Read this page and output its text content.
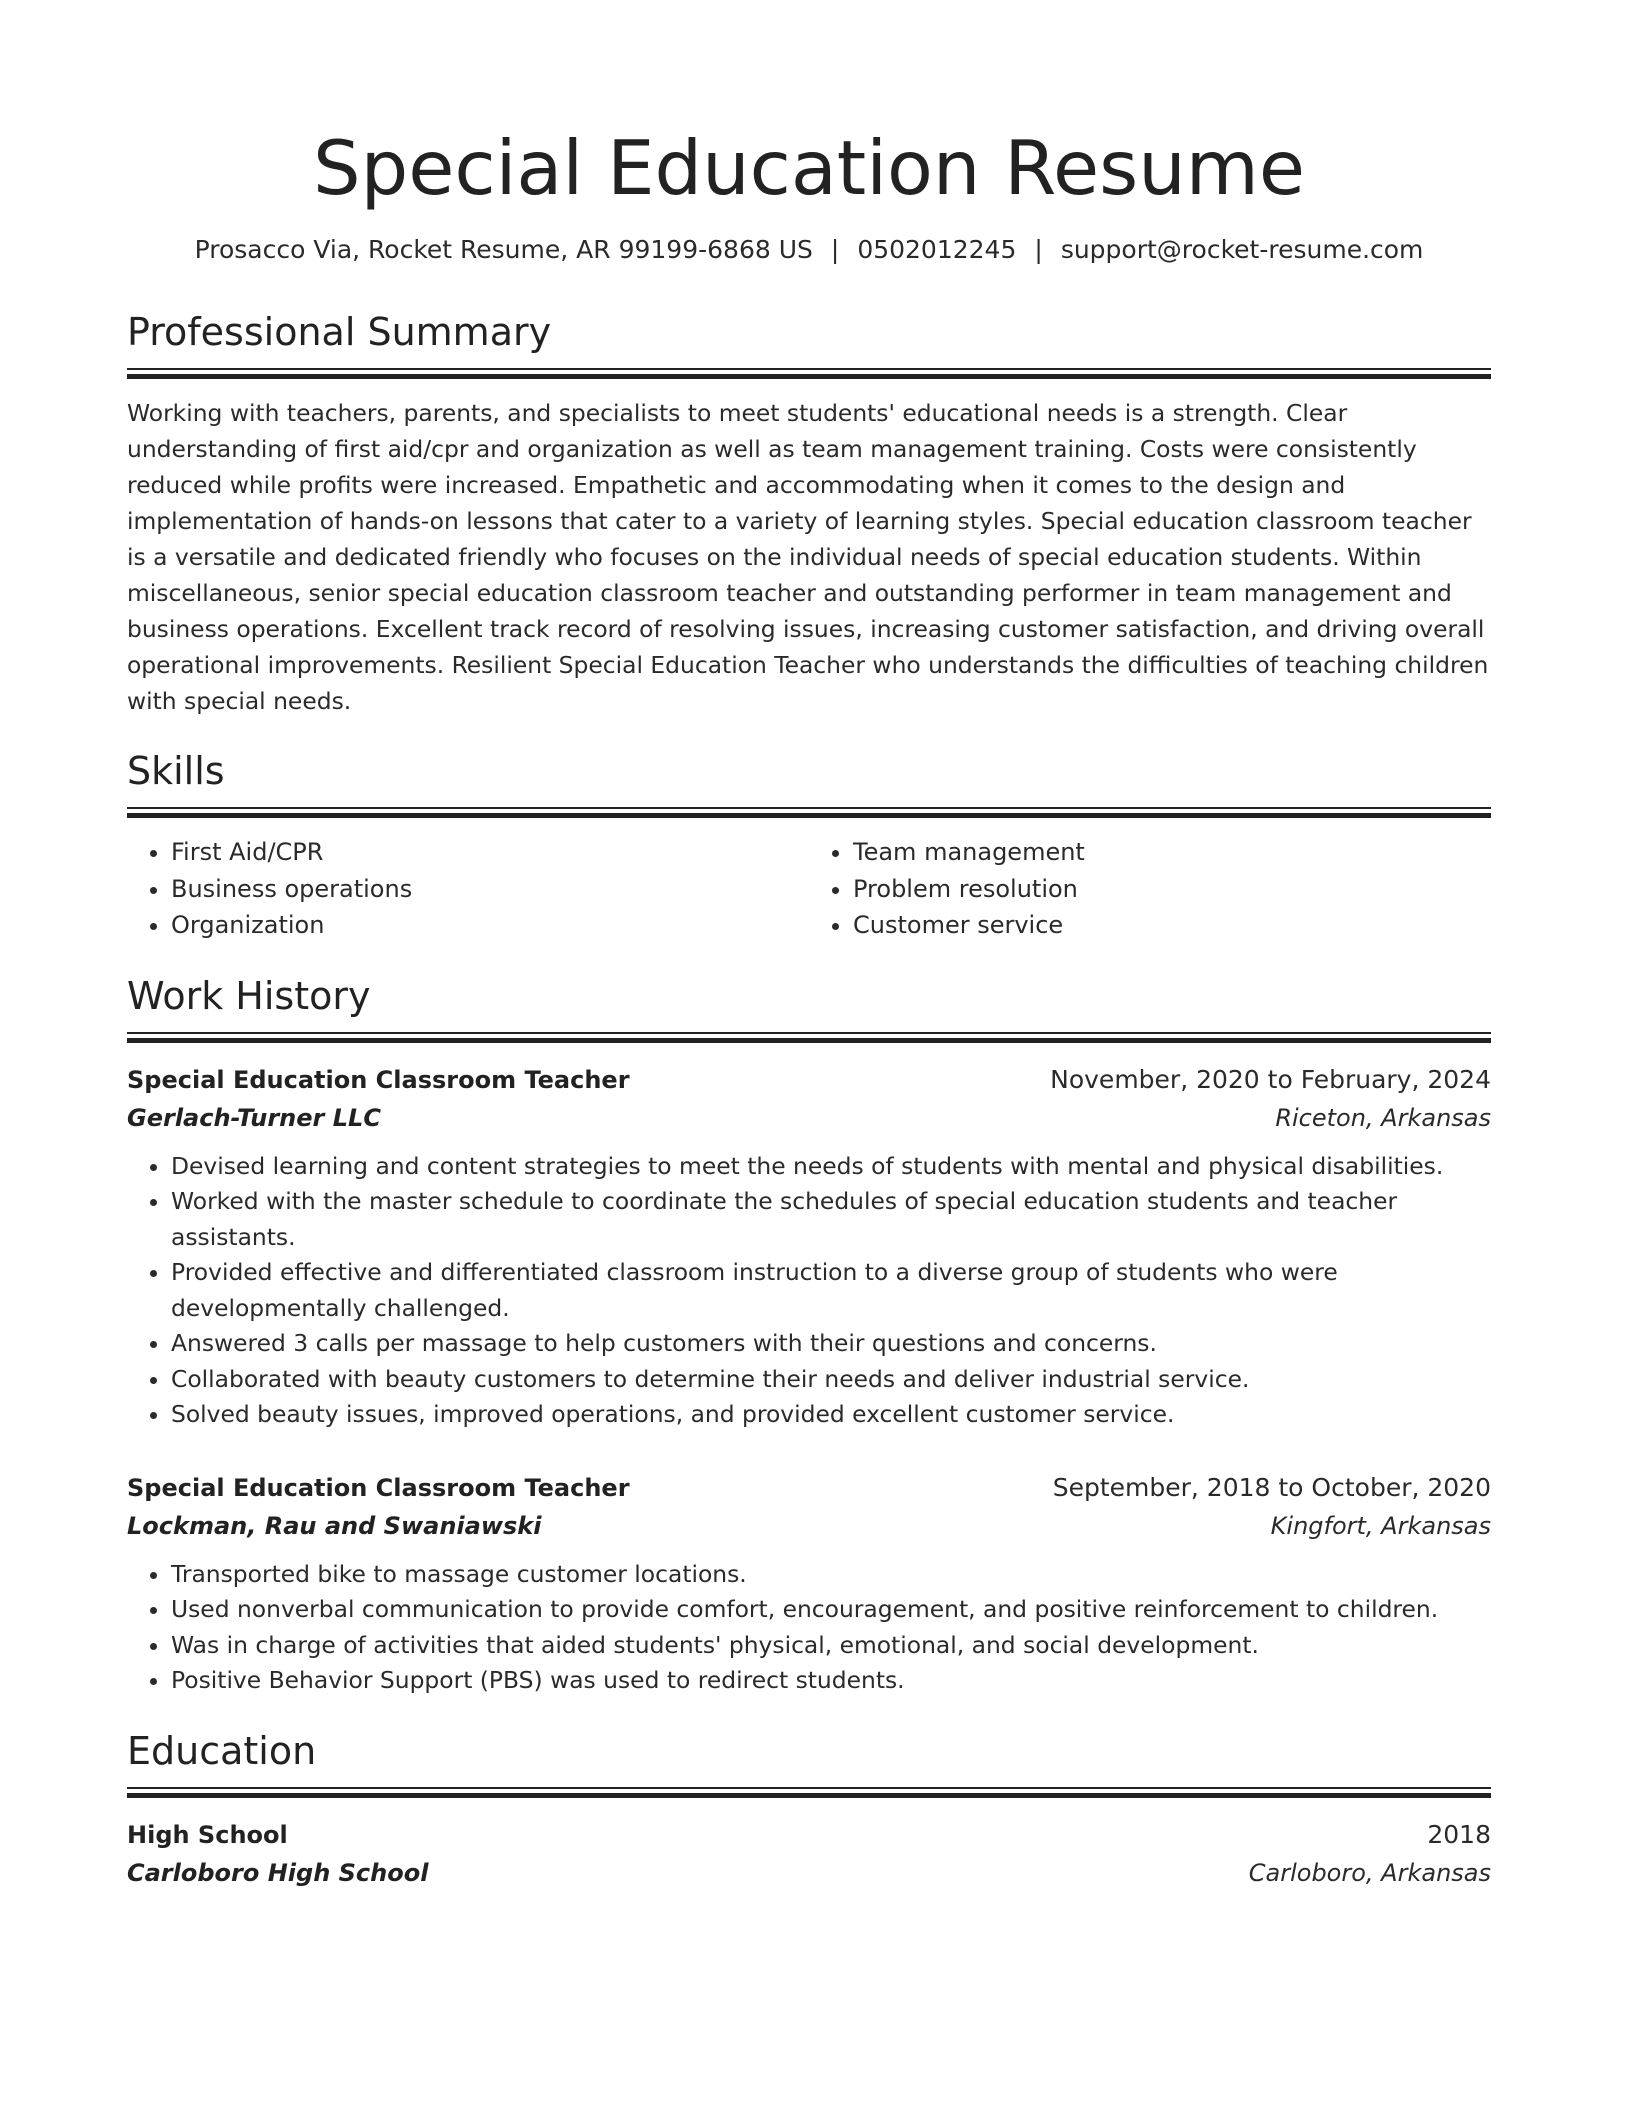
Special Education Resume
Prosacco Via, Rocket Resume, AR 99199-6868 US | 0502012245 | support@rocket-resume.com
Professional Summary
Working with teachers, parents, and specialists to meet students' educational needs is a strength. Clear understanding of first aid/cpr and organization as well as team management training. Costs were consistently reduced while profits were increased. Empathetic and accommodating when it comes to the design and implementation of hands-on lessons that cater to a variety of learning styles. Special education classroom teacher is a versatile and dedicated friendly who focuses on the individual needs of special education students. Within miscellaneous, senior special education classroom teacher and outstanding performer in team management and business operations. Excellent track record of resolving issues, increasing customer satisfaction, and driving overall operational improvements. Resilient Special Education Teacher who understands the difficulties of teaching children with special needs.
Skills
• First Aid/CPR
• Business operations
• Organization
• Team management
• Problem resolution
• Customer service
Work History
Special Education Classroom Teacher	November, 2020 to February, 2024
Gerlach-Turner LLC	Riceton, Arkansas
• Devised learning and content strategies to meet the needs of students with mental and physical disabilities.
• Worked with the master schedule to coordinate the schedules of special education students and teacher assistants.
• Provided effective and differentiated classroom instruction to a diverse group of students who were developmentally challenged.
• Answered 3 calls per massage to help customers with their questions and concerns.
• Collaborated with beauty customers to determine their needs and deliver industrial service.
• Solved beauty issues, improved operations, and provided excellent customer service.
Special Education Classroom Teacher	September, 2018 to October, 2020
Lockman, Rau and Swaniawski	Kingfort, Arkansas
• Transported bike to massage customer locations.
• Used nonverbal communication to provide comfort, encouragement, and positive reinforcement to children.
• Was in charge of activities that aided students' physical, emotional, and social development.
• Positive Behavior Support (PBS) was used to redirect students.
Education
High School	2018
Carloboro High School	Carloboro, Arkansas
